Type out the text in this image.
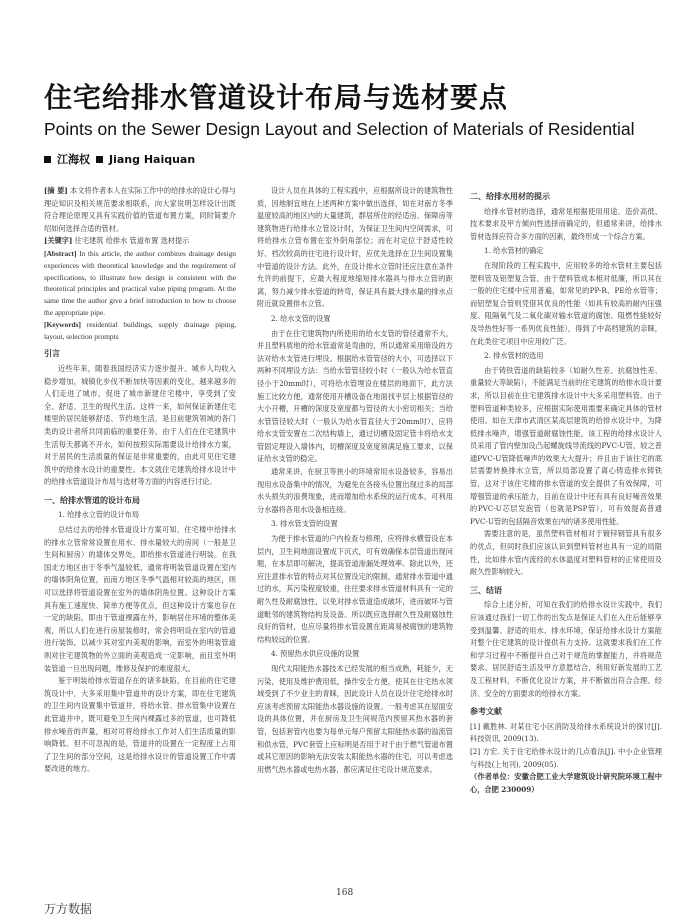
住宅给排水管道设计布局与选材要点
Points on the Sewer Design Layout and Selection of Materials of Residential
江海权 Jiang Haiquan

[摘 要] 本文将作者本人在实际工作中的给排水的设计心得与理论知识及相关规范要求相联系，向大家说明怎样设计出既符合理论原理又具有实践价值的管道布置方案，同时简要介绍如何选择合适的管材。

[关键字] 住宅建筑 给排水 管道布置 选材提示

[Abstract] In this article, the author combines drainage design experiences with theoretical knowledge and the requirement of specifications, to illustrate how design is consistent with the theoretical principles and practical value piping program. At the same time the author give a brief introduction to how to choose the appropriate pipe.

[Keywords] residential buildings, supply drainage piping, layout, selection prompts

引言

近些年来，随着我国经济实力逐步提升、城乡人均收入稳步增加，城镇化步伐不断加快等因素的变化，越来越多的人们走进了城市，促进了城市新建住宅楼中，享受到了安全、舒适、卫生的现代生活。这样一来，如何保证新建住宅楼里的居民能够舒适、节约地生活，是目前建筑领域的各门类的设计者所共同面临的重要任务。由于人们在住宅建筑中生活每天都离不开水，如何按照实际需要设计给排水方案，对于居民的生活质量的保证是非常重要的，由此可见住宅建筑中的给排水设计的重要性。本文就住宅建筑给排水设计中的给排水管道设计布局与选材等方面的内容进行讨论。

一、给排水管道的设计布局
1. 给排水立管的设计布局

总结过去的给排水管道设计方案可知，住宅楼中给排水的排水立管常常设置在用水、排水量较大的房间（一般是卫生间和厨房）的墙体交界处，即给排水管道进行明装。在我国北方地区由于冬季气温较低，通常将明装管道设置在室内的墙体阴角位置，而南方地区冬季气温相对较高的地区，则可以选择将管道设置在室外的墙体阴角位置。这种设计方案具有施工速度快、简单方便等优点，但这种设计方案也存在一定的缺陷，即由于管道裸露在外，影响居住环境的整体美观，所以人们在进行房屋装修时，常会将明设在室内的管道进行装饰，以减少其对室内美观的影响，而室外的明装管道则对住宅建筑物的外立面的美观造成一定影响，而且室外明装管道一旦出现问题，维修及保护的难度很大。

鉴于明装给排水管道存在的诸多缺陷，在目前的住宅建筑设计中，大多采用集中管道井的设计方案，即在住宅建筑的卫生间内设置集中管道井，将给水管、排水管集中设置在此管道井中，既可避免卫生间内裸露过多的管道，也可降低排水噪音的声量，相对可将给排水工作对人们生活质量的影响降低。但不可忽视的是，管道井的设置在一定程度上占用了卫生间的部分空间，这是给排水设计的管道设置工作中需要改进的地方。

设计人员在具体的工程实践中，应根据所设计的建筑物性质，因地制宜地在上述两种方案中做出选择，如在对南方冬季温度较高的地区内的大量建筑，群居所住的经适房、保障房等建筑物进行给排水立管设计时，为保证卫生间内空间需求，可将给排水立管布置在室外阴角部位；而在对定位于舒适性较好、档次较高的住宅进行设计时，应优先选择在卫生间设置集中管道的设计方法。此外，在设计排水立管时还应注意在条件允许的前提下，应最大程度地缩短排水器具与排水立管的距离，努力减少排水管道的转弯，保证具有最大排水量的排水点附近就设置排水立管。

2. 给水支管的设置

由于在住宅建筑物内所使用的给水支管的管径通常不大，并且塑料质地的给水管道常是弯曲的，所以通常采用暗设的方法对给水支管进行埋设。根据给水管管径的大小，可选择以下两种不同埋设方法：当给水管管径较小时（一般认为给水管直径小于20mm时），可将给水管埋设在楼层的地面下，此方法施工比较方便，通常使用开槽设备在地面找平层上根据管径的大小开槽，开槽的深度及宽度都与管径的大小密切相关；当给水管管径较大时（一般认为给水管直径大于20mm时），应将给水支管安置在二次结构墙上，通过切槽及固定管卡将给水支管固定埋设入墙体内，切槽深度及宽度须满足施工要求，以保证给水支管的稳定。

通常来讲，在厨卫等狭小的环境常用水设备较多，容易出现用水设备集中的情况，为避免在各接头位置出现过多的局部水头损失的浪费现象，进而增加给水系统的运行成本，可利用分水器将各用水设备相连接。

3. 排水管支管的设置

为便于排水管道的户内检查与修理，应将排水横管设在本层内，卫生间地面设置成下沉式，可有效确保本层管道出现问题，在本层即可解决，提高管道渗漏处理效率。除此以外，还应注意排水管的特点对其位置设定的限制，通常排水管道中通过的水，其污染程度较重，往往要求排水管道材料具有一定的耐久性及耐腐蚀性，以免对排水管道造成破坏，进而破坏与管道毗邻的建筑物结构及设备。所以既应选择耐久性及耐腐蚀性良好的管材，也应尽量将排水管设置在距离易被腐蚀的建筑物结构较远的位置。

4. 预留热水供应设施的设置

现代太阳能热水器技术已经发展的相当成熟，耗能少，无污染，使用及维护费用低，操作安全方便，使其在住宅热水领域受到了不少业主的青睐，因此设计人员在设计住宅给排水时应该考虑预留太阳能热水器设施的设置。一般考虑其在屋面安设的具体位置，并在厨房及卫生间规范内预留其热水器的套管，包括套管内也要为每单元每户预留太阳能热水器的溢流管和供水管，PVC套管上应标明是否用于对于由于燃气管道布置或其它原因的影响无法安装太阳能热水器的住宅，可以考虑选用燃气热水器或电热水器，都应满足住宅设计规范要求。

二、给排水用材的提示

给排水管材的选择，通常是根据使用用途、造价高低、技术要求及甲方倾向性选择而确定的，但通常来讲，给排水管材选择应符合多方面的因素，最终形成一个综合方案。

1. 给水管材的确定

在现阶段的工程实践中，应用较多的给水管材主要包括塑料管及铝塑复合管。由于塑料管成本相对低廉，所以其在一般的住宅楼中应用普遍，如常见的PP-R、PE给水管等；而铝塑复合管则凭借其优良的性能（如具有较高的耐内压强度、阻隔氧气及二氧化碳对输水管道的腐蚀、阻燃性能较好及导热性好等一系列优良性能），得到了中高档建筑的亲睐，在此类住宅项目中应用较广泛。

2. 排水管材的选用

由于铸铁管道的缺陷较多（如耐久性差、抗腐蚀性差、重量较大等缺陷），不能满足当前的住宅建筑的给排水设计要求，所以目前在住宅建筑排水设计中大多采用塑料管。由于塑料管道种类较多，应根据实际使用需要来确定具体的管材使用。如在天津市武清区某高层建筑的给排水设计中，为降低排水噪声，增强管道耐腐蚀性能，该工程的给排水设计人员采用了管内壁加设凸起螺旋线导流线的PVC-U管，较之普通PVC-U管降低噪声的效果大大提升；并且由于该住宅的底层需要转换排水立管，所以局部设置了离心铸造排水铸铁管，这对于该住宅楼的排水管道的安全提供了有效保障，可增强管道的承压能力，目前在设计中还有具有良好噪音效果的PVC-U芯层发泡管（也就是PSP管），可有效提高普通PVC-U管的包括隔音效果在内的诸多使用性能。

需要注意的是，虽然塑料管材相对于镀锌钢管具有很多的优点，但同时我们应该认识到塑料管材也具有一定的局限性，比如排水管内流经的水体温度对塑料管材的正常使用及耐久性影响较大。

三、结语

综合上述分析，可知在我们的给排水设计实践中，我们应该通过我们一切工作的出发点是保证人们在入住后能够享受到温馨、舒适的用水、排水环境，保证给排水设计方案能对整个住宅建筑的设计提供有力支持。这就要求我们在工作和学习过程中不断提升自己对于规范的掌握能力，并将规范要求、居民舒适生活及甲方意愿结合，利用好新发展的工艺及工程材料，不断优化设计方案，并不断做出符合合理、经济、安全的方面要求的给排水方案。

参考文献

[1] 戴胜林. 对某住宅小区消防及给排水系统设计的探讨[J]. 科技资讯, 2009(13).

[2] 方宏. 关于住宅给排水设计的几点看法[J]. 中小企业管理与科技(上旬刊), 2009(05).

（作者单位：安徽合肥工业大学建筑设计研究院环境工程中心，合肥 230009）

168
万方数据
